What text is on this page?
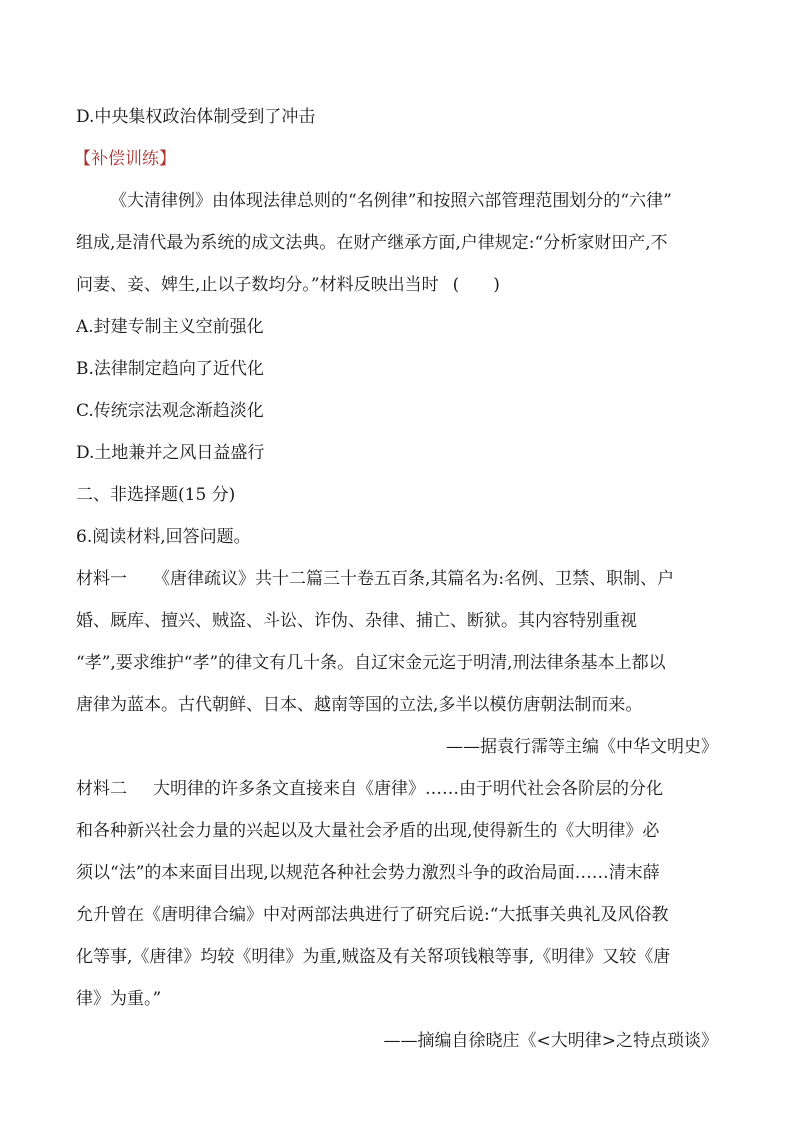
D.中央集权政治体制受到了冲击
【补偿训练】
《大清律例》由体现法律总则的“名例律”和按照六部管理范围划分的“六律”
组成,是清代最为系统的成文法典。在财产继承方面,户律规定:“分析家财田产,不
问妻、妾、婢生,止以子数均分。”材料反映出当时 (　　)
A.封建专制主义空前强化
B.法律制定趋向了近代化
C.传统宗法观念渐趋淡化
D.土地兼并之风日益盛行
二、非选择题(15 分)
6.阅读材料,回答问题。
材料一 《唐律疏议》共十二篇三十卷五百条,其篇名为:名例、卫禁、职制、户
婚、厩库、擅兴、贼盗、斗讼、诈伪、杂律、捕亡、断狱。其内容特别重视
“孝”,要求维护“孝”的律文有几十条。自辽宋金元迄于明清,刑法律条基本上都以
唐律为蓝本。古代朝鲜、日本、越南等国的立法,多半以模仿唐朝法制而来。
——据袁行霈等主编《中华文明史》
材料二 大明律的许多条文直接来自《唐律》……由于明代社会各阶层的分化
和各种新兴社会力量的兴起以及大量社会矛盾的出现,使得新生的《大明律》必
须以“法”的本来面目出现,以规范各种社会势力激烈斗争的政治局面……清末薛
允升曾在《唐明律合编》中对两部法典进行了研究后说:“大抵事关典礼及风俗教
化等事,《唐律》均较《明律》为重,贼盗及有关帑项钱粮等事,《明律》又较《唐
律》为重。”
——摘编自徐晓庄《<大明律>之特点琐谈》
